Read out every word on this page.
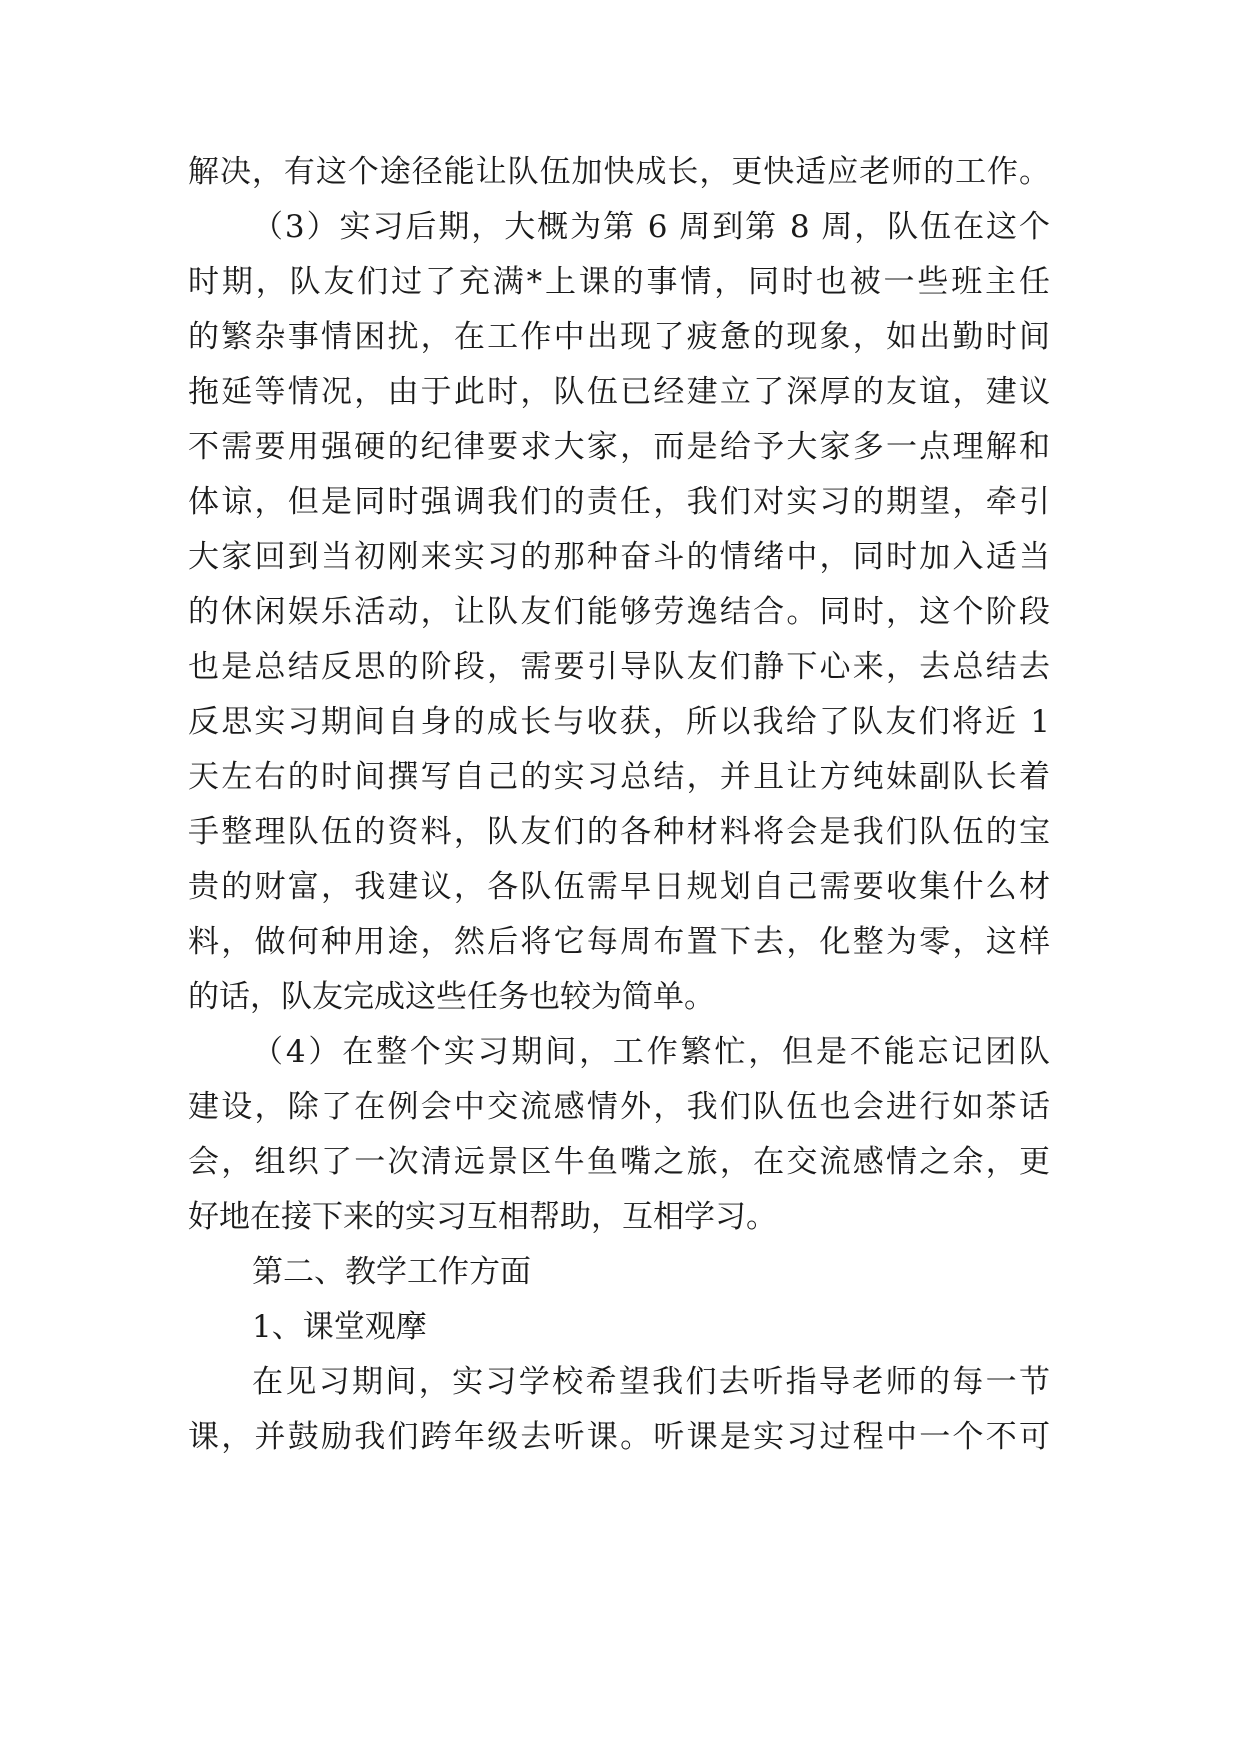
解决，有这个途径能让队伍加快成长，更快适应老师的工作。
（3）实习后期，大概为第 6 周到第 8 周，队伍在这个
时期，队友们过了充满*上课的事情，同时也被一些班主任
的繁杂事情困扰，在工作中出现了疲惫的现象，如出勤时间
拖延等情况，由于此时，队伍已经建立了深厚的友谊，建议
不需要用强硬的纪律要求大家，而是给予大家多一点理解和
体谅，但是同时强调我们的责任，我们对实习的期望，牵引
大家回到当初刚来实习的那种奋斗的情绪中，同时加入适当
的休闲娱乐活动，让队友们能够劳逸结合。同时，这个阶段
也是总结反思的阶段，需要引导队友们静下心来，去总结去
反思实习期间自身的成长与收获，所以我给了队友们将近 1
天左右的时间撰写自己的实习总结，并且让方纯妹副队长着
手整理队伍的资料，队友们的各种材料将会是我们队伍的宝
贵的财富，我建议，各队伍需早日规划自己需要收集什么材
料，做何种用途，然后将它每周布置下去，化整为零，这样
的话，队友完成这些任务也较为简单。
（4）在整个实习期间，工作繁忙，但是不能忘记团队
建设，除了在例会中交流感情外，我们队伍也会进行如茶话
会，组织了一次清远景区牛鱼嘴之旅，在交流感情之余，更
好地在接下来的实习互相帮助，互相学习。
第二、教学工作方面
1、课堂观摩
在见习期间，实习学校希望我们去听指导老师的每一节
课，并鼓励我们跨年级去听课。听课是实习过程中一个不可
